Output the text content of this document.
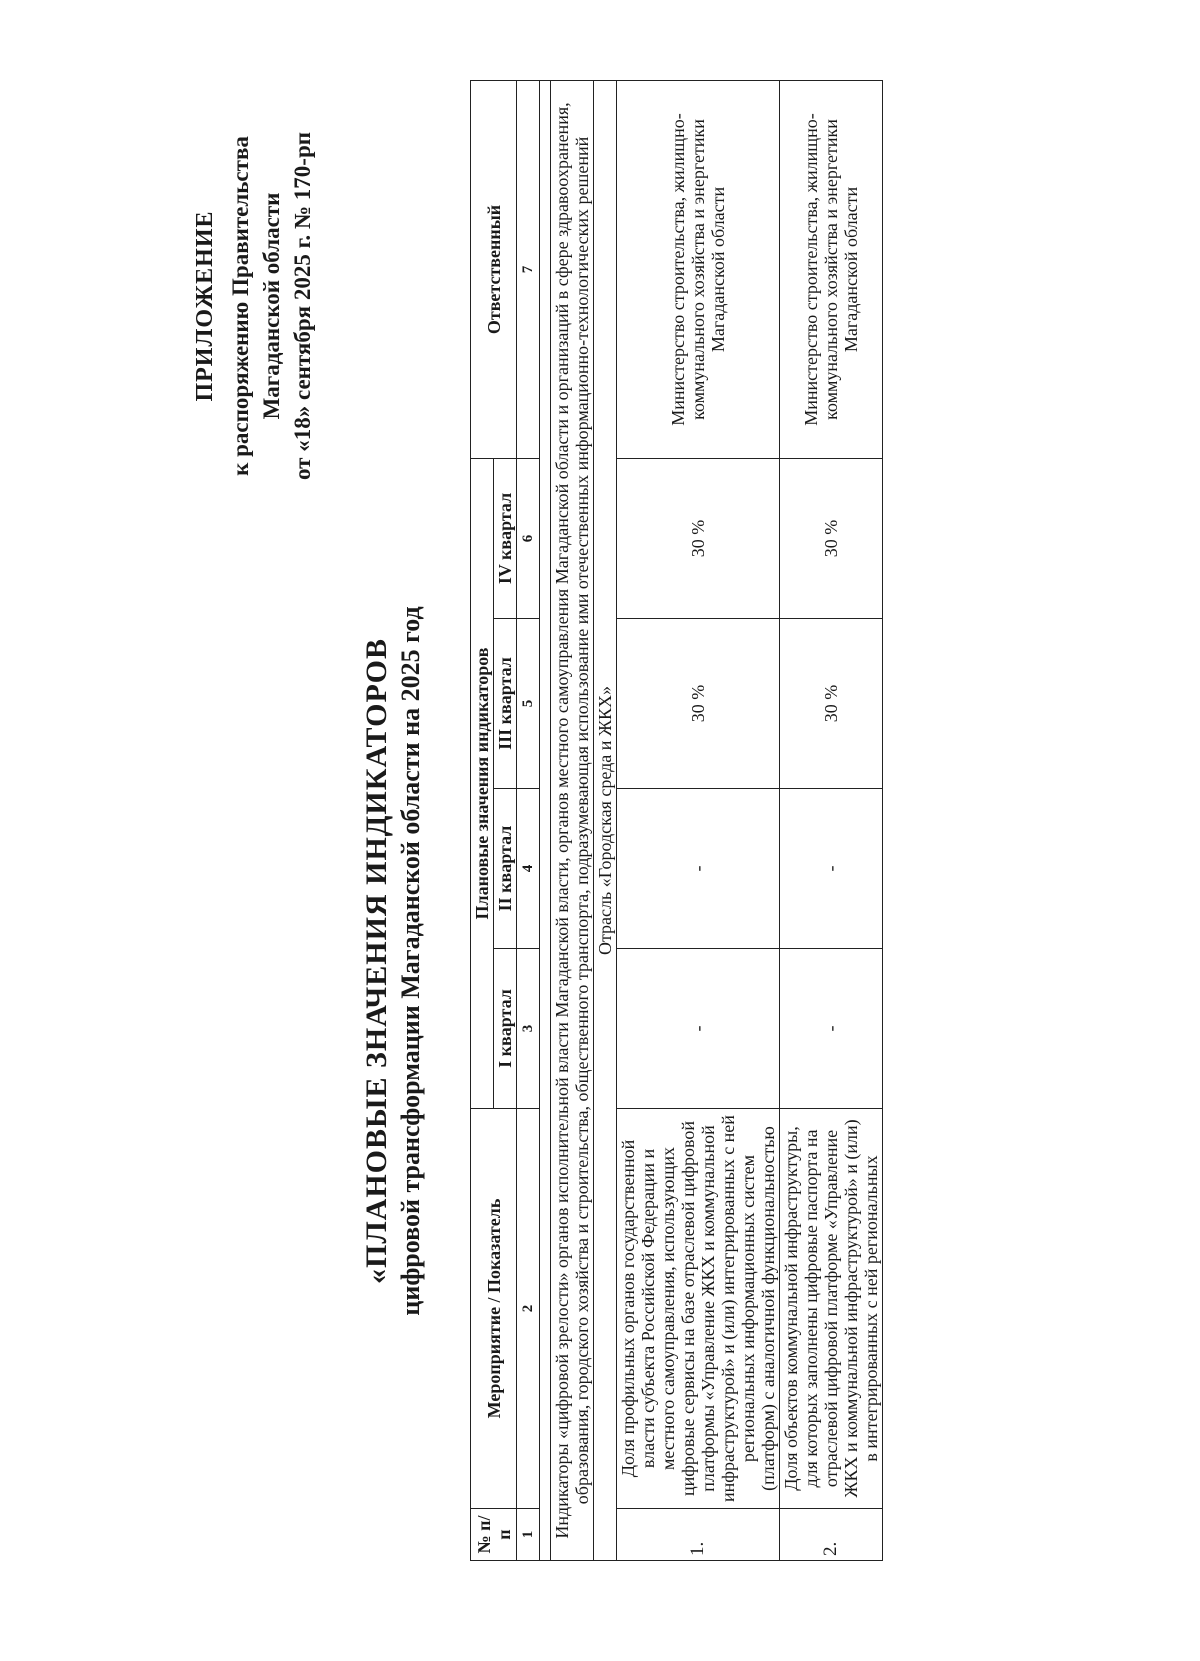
ПРИЛОЖЕНИЕ к распоряжению Правительства Магаданской области от «18» сентября 2025 г. № 170-рп
«ПЛАНОВЫЕ ЗНАЧЕНИЯ ИНДИКАТОРОВ цифровой трансформации Магаданской области на 2025 год
№ п/п	Мероприятие / Показатель	Плановые значения индикаторов				Ответственный
		I квартал	II квартал	III квартал	IV квартал	
1	2	3	4	5	6	7

Индикаторы «цифровой зрелости» органов исполнительной власти Магаданской власти, органов местного самоуправления Магаданской области и организаций в сфере здравоохранения, образования, городского хозяйства и строительства, общественного транспорта, подразумевающая использование ими отечественных информационно-технологических решений						
Отрасль «Городская среда и ЖКХ»						
1.	Доля профильных органов государственной власти субъекта Российской Федерации и местного самоуправления, использующих цифровые сервисы на базе отраслевой цифровой платформы «Управление ЖКХ и коммунальной инфраструктурой» и (или) интегрированных с ней региональных информационных систем (платформ) с аналогичной функциональностью	-	-	30 %	30 %	Министерство строительства, жилищно-коммунального хозяйства и энергетики Магаданской области
2.	Доля объектов коммунальной инфраструктуры, для которых заполнены цифровые паспорта на отраслевой цифровой платформе «Управление ЖКХ и коммунальной инфраструктурой» и (или) в интегрированных с ней региональных	-	-	30 %	30 %	Министерство строительства, жилищно-коммунального хозяйства и энергетики Магаданской области
